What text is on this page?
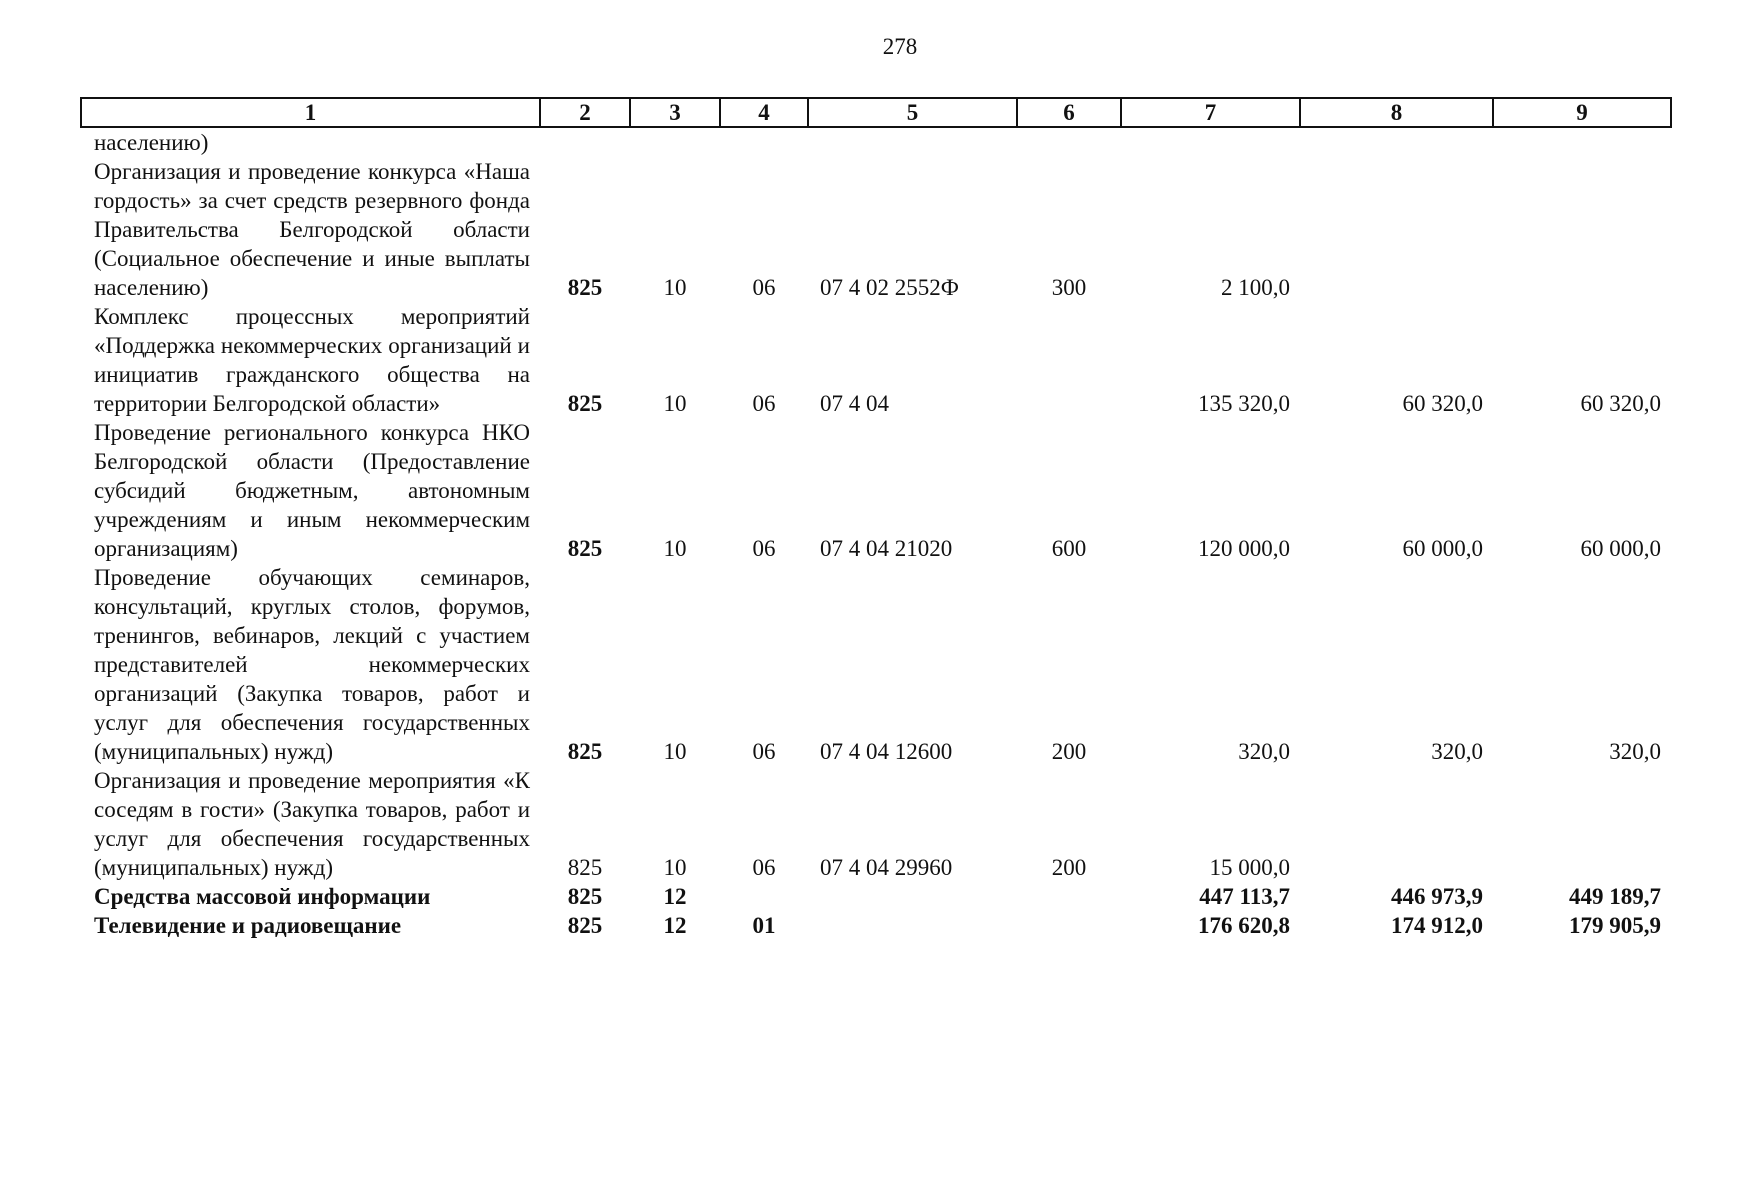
278
1	2	3	4	5	6	7	8	9
населению)								
Организация и проведение конкурса «Наша гордость» за счет средств резервного фонда Правительства Белгородской области (Социальное обеспечение и иные выплаты населению)	825	10	06	07 4 02 2552Ф	300	2 100,0		
Комплекс процессных мероприятий «Поддержка некоммерческих организаций и инициатив гражданского общества на территории Белгородской области»	825	10	06	07 4 04		135 320,0	60 320,0	60 320,0
Проведение регионального конкурса НКО Белгородской области (Предоставление субсидий бюджетным, автономным учреждениям и иным некоммерческим организациям)	825	10	06	07 4 04 21020	600	120 000,0	60 000,0	60 000,0
Проведение обучающих семинаров, консультаций, круглых столов, форумов, тренингов, вебинаров, лекций с участием представителей некоммерческих организаций (Закупка товаров, работ и услуг для обеспечения государственных (муниципальных) нужд)	825	10	06	07 4 04 12600	200	320,0	320,0	320,0
Организация и проведение мероприятия «К соседям в гости» (Закупка товаров, работ и услуг для обеспечения государственных (муниципальных) нужд)	825	10	06	07 4 04 29960	200	15 000,0		
Средства массовой информации	825	12				447 113,7	446 973,9	449 189,7
Телевидение и радиовещание	825	12	01			176 620,8	174 912,0	179 905,9
